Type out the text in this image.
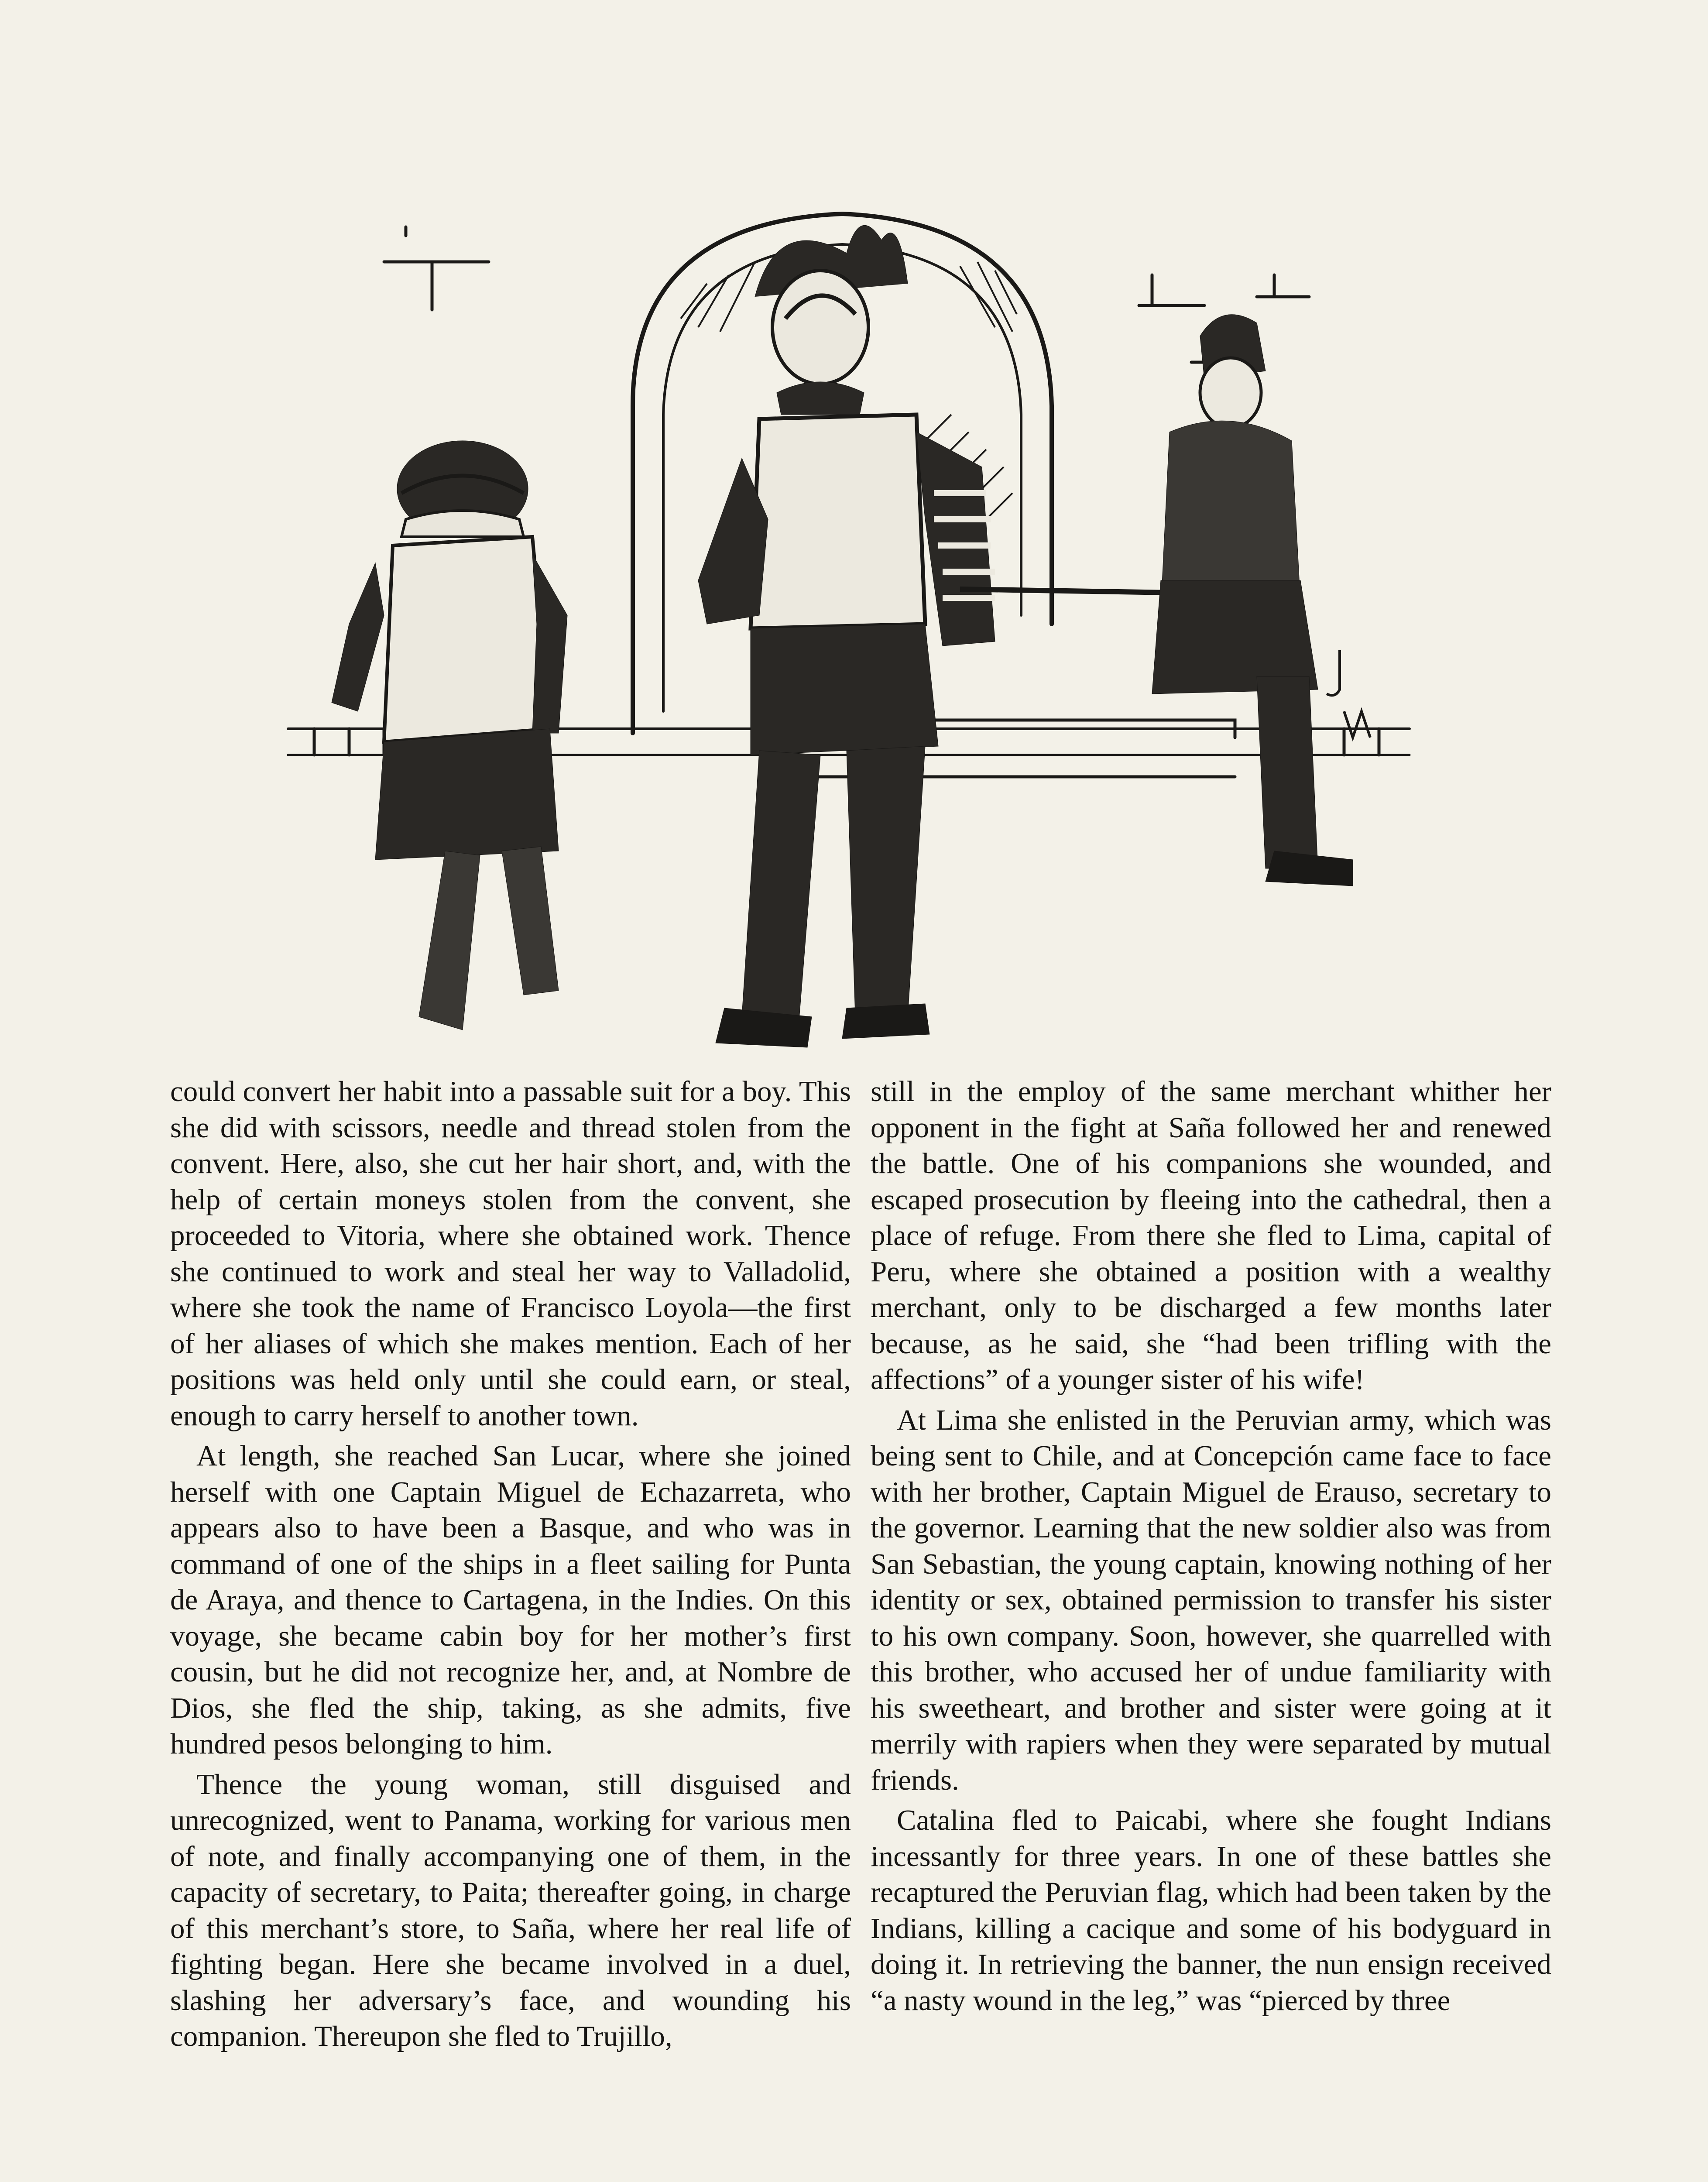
could convert her habit into a passable suit for a boy. This she did with scissors, needle and thread stolen from the convent. Here, also, she cut her hair short, and, with the help of certain moneys stolen from the convent, she proceeded to Vitoria, where she obtained work. Thence she continued to work and steal her way to Valladolid, where she took the name of Francisco Loyola—the first of her aliases of which she makes mention. Each of her positions was held only until she could earn, or steal, enough to carry herself to another town.

At length, she reached San Lucar, where she joined herself with one Captain Miguel de Echazarreta, who appears also to have been a Basque, and who was in command of one of the ships in a fleet sailing for Punta de Araya, and thence to Cartagena, in the Indies. On this voyage, she became cabin boy for her mother’s first cousin, but he did not recognize her, and, at Nombre de Dios, she fled the ship, taking, as she admits, five hundred pesos belonging to him.

Thence the young woman, still disguised and unrecognized, went to Panama, working for various men of note, and finally accompanying one of them, in the capacity of secretary, to Paita; thereafter going, in charge of this merchant’s store, to Saña, where her real life of fighting began. Here she became involved in a duel, slashing her adversary’s face, and wounding his companion. Thereupon she fled to Trujillo,

still in the employ of the same merchant whither her opponent in the fight at Saña followed her and renewed the battle. One of his companions she wounded, and escaped prosecution by fleeing into the cathedral, then a place of refuge. From there she fled to Lima, capital of Peru, where she obtained a position with a wealthy merchant, only to be discharged a few months later because, as he said, she “had been trifling with the affections” of a younger sister of his wife!

At Lima she enlisted in the Peruvian army, which was being sent to Chile, and at Concepción came face to face with her brother, Captain Miguel de Erauso, secretary to the governor. Learning that the new soldier also was from San Sebastian, the young captain, knowing nothing of her identity or sex, obtained permission to transfer his sister to his own company. Soon, however, she quarrelled with this brother, who accused her of undue familiarity with his sweetheart, and brother and sister were going at it merrily with rapiers when they were separated by mutual friends.

Catalina fled to Paicabi, where she fought Indians incessantly for three years. In one of these battles she recaptured the Peruvian flag, which had been taken by the Indians, killing a cacique and some of his bodyguard in doing it. In retrieving the banner, the nun ensign received “a nasty wound in the leg,” was “pierced by three
